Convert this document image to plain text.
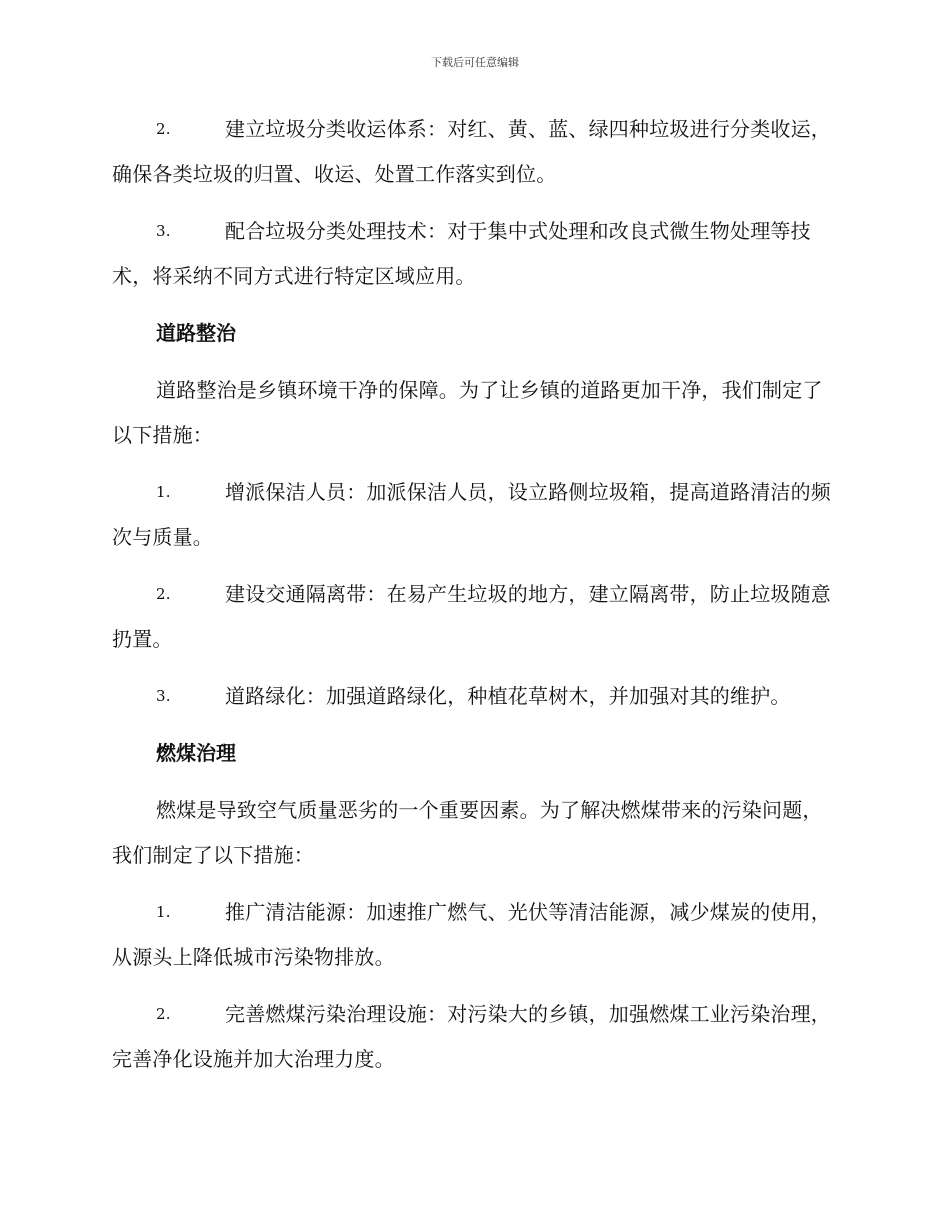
下载后可任意编辑

2.	建立垃圾分类收运体系：对红、黄、蓝、绿四种垃圾进行分类收运，确保各类垃圾的归置、收运、处置工作落实到位。

3.	配合垃圾分类处理技术：对于集中式处理和改良式微生物处理等技术，将采纳不同方式进行特定区域应用。

道路整治

道路整治是乡镇环境干净的保障。为了让乡镇的道路更加干净，我们制定了以下措施：

1.	增派保洁人员：加派保洁人员，设立路侧垃圾箱，提高道路清洁的频次与质量。

2.	建设交通隔离带：在易产生垃圾的地方，建立隔离带，防止垃圾随意扔置。

3.	道路绿化：加强道路绿化，种植花草树木，并加强对其的维护。

燃煤治理

燃煤是导致空气质量恶劣的一个重要因素。为了解决燃煤带来的污染问题，我们制定了以下措施：

1.	推广清洁能源：加速推广燃气、光伏等清洁能源，减少煤炭的使用，从源头上降低城市污染物排放。

2.	完善燃煤污染治理设施：对污染大的乡镇，加强燃煤工业污染治理，完善净化设施并加大治理力度。
